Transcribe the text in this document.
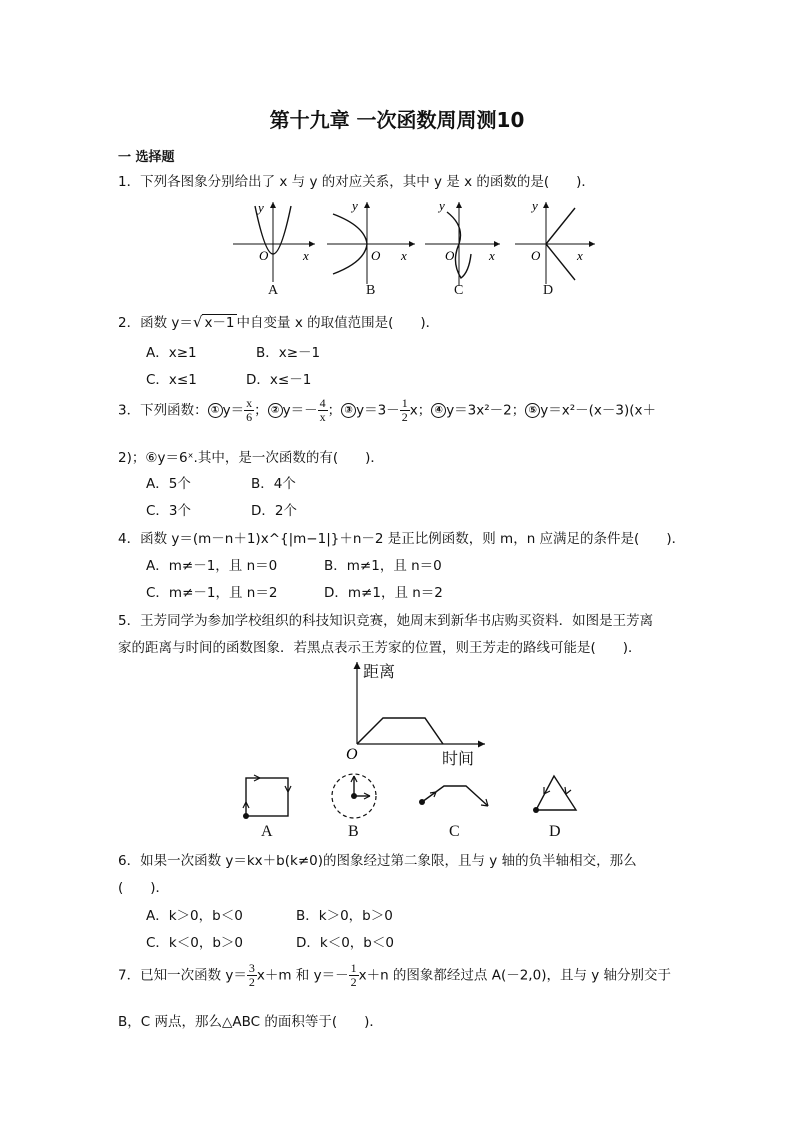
第十九章 一次函数周周测10
一 选择题
1．下列各图象分别给出了 x 与 y 的对应关系，其中 y 是 x 的函数的是(　　)．
y
O	x
y
O x
y
O	x
y
O	x
A	B	C	D
2．函数 y＝√ x－1 中自变量 x 的取值范围是(　　)．
A．x≥1	B．x≥－1
C．x≤1	D．x≤－1
3．下列函数： ① $y= \frac{x}{6}$ ； ② $y=- \frac{4}{x}$ ； ③ $y=3- \frac{1}{2}$ x； ④ y＝3x²－2； ⑤ y＝x²－(x－3)(x＋
2)；⑥y＝6ˣ.其中，是一次函数的有(　　)．
A．5个	B．4个
C．3个	D．2个
4．函数 y＝(m－n＋1)x^{|m−1|}＋n－2 是正比例函数，则 m，n 应满足的条件是(　　)．
A．m≠－1，且 n＝0	B．m≠1，且 n＝0
C．m≠－1，且 n＝2	D．m≠1，且 n＝2
5．王芳同学为参加学校组织的科技知识竞赛，她周末到新华书店购买资料．如图是王芳离
家的距离与时间的函数图象．若黑点表示王芳家的位置，则王芳走的路线可能是(　　)．
O
距离
时间
A	B	C	D
6．如果一次函数 y＝kx＋b(k≠0)的图象经过第二象限，且与 y 轴的负半轴相交，那么
(　　)．
A．k＞0，b＜0	B．k＞0，b＞0
C．k＜0，b＞0	D．k＜0，b＜0
7．已知一次函数 $y= \frac{3}{2} x+m$ 和 $y=- \frac{1}{2} x+n$ 的图象都经过点 A(－2,0)，且与 y 轴分别交于
B，C 两点，那么△ABC 的面积等于(　　)．
